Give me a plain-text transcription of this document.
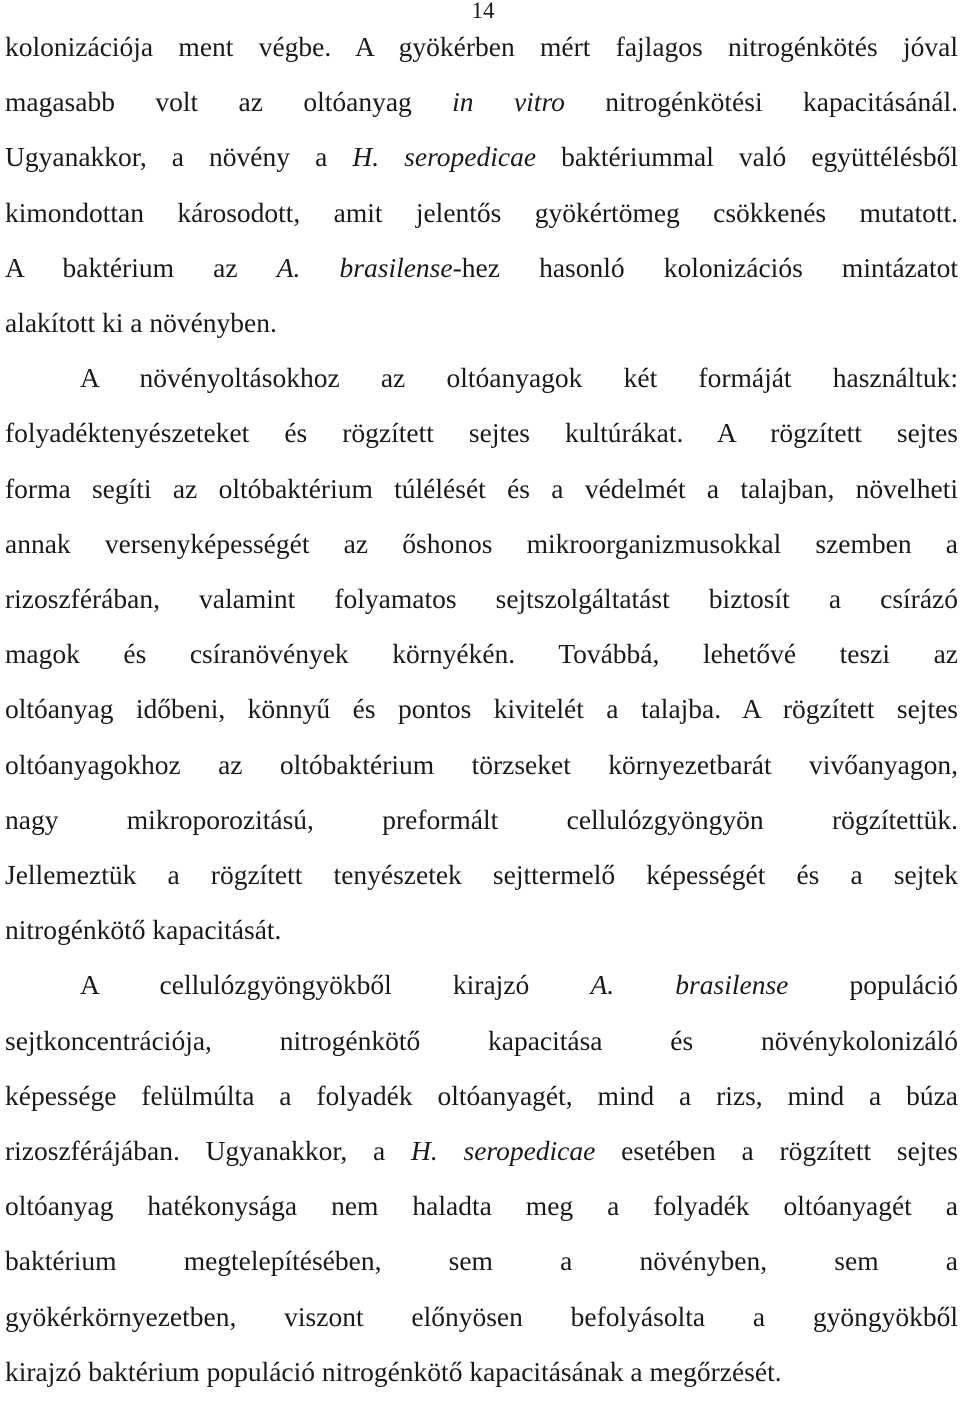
14
kolonizációja ment végbe. A gyökérben mért fajlagos nitrogénkötés jóval
magasabb volt az oltóanyag in vitro nitrogénkötési kapacitásánál.
Ugyanakkor, a növény a H. seropedicae baktériummal való együttélésből
kimondottan károsodott, amit jelentős gyökértömeg csökkenés mutatott.
A baktérium az A. brasilense-hez hasonló kolonizációs mintázatot
alakított ki a növényben.
A növényoltásokhoz az oltóanyagok két formáját használtuk:
folyadéktenyészeteket és rögzített sejtes kultúrákat. A rögzített sejtes
forma segíti az oltóbaktérium túlélését és a védelmét a talajban, növelheti
annak versenyképességét az őshonos mikroorganizmusokkal szemben a
rizoszférában, valamint folyamatos sejtszolgáltatást biztosít a csírázó
magok és csíranövények környékén. Továbbá, lehetővé teszi az
oltóanyag időbeni, könnyű és pontos kivitelét a talajba. A rögzített sejtes
oltóanyagokhoz az oltóbaktérium törzseket környezetbarát vivőanyagon,
nagy mikroporozitású, preformált cellulózgyöngyön rögzítettük.
Jellemeztük a rögzített tenyészetek sejttermelő képességét és a sejtek
nitrogénkötő kapacitását.
A cellulózgyöngyökből kirajzó A. brasilense populáció
sejtkoncentrációja, nitrogénkötő kapacitása és növénykolonizáló
képessége felülmúlta a folyadék oltóanyagét, mind a rizs, mind a búza
rizoszférájában. Ugyanakkor, a H. seropedicae esetében a rögzített sejtes
oltóanyag hatékonysága nem haladta meg a folyadék oltóanyagét a
baktérium megtelepítésében, sem a növényben, sem a
gyökérkörnyezetben, viszont előnyösen befolyásolta a gyöngyökből
kirajzó baktérium populáció nitrogénkötő kapacitásának a megőrzését.
